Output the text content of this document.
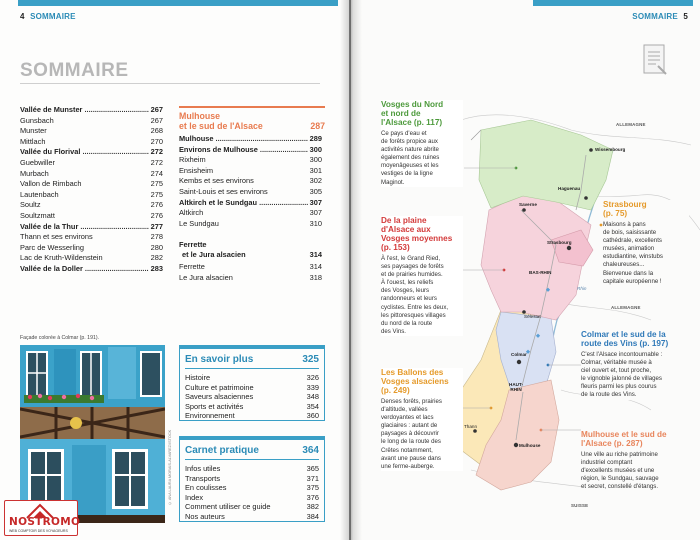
4 SOMMAIRE
SOMMAIRE
Vallée de Munster .....	267
Gunsbach	267
Munster	268
Mittlach	270
Vallée du Florival .....	272
Guebwiller	272
Murbach	274
Vallon de Rimbach	275
Lautenbach	275
Soultz	276
Soultzmatt	276
Vallée de la Thur .....	277
Thann et ses environs	278
Parc de Wesserling	280
Lac de Kruth-Wildenstein	282
Vallée de la Doller .....	283
Mulhouse
et le sud de l'Alsace	287
Mulhouse .....	289
Environs de Mulhouse .....	300
Rixheim	300
Ensisheim	301
Kembs et ses environs	302
Saint-Louis et ses environs	305
Altkirch et le Sundgau .....	307
Altkirch	307
Le Sundgau	310
Ferrette
et le Jura alsacien	314
Ferrette	314
Le Jura alsacien	318
Façade colorée à Colmar (p. 191).
© ANA LAURA MORAIS-ALVAREZ/ISTOCK
En savoir plus	325
Histoire	326
Culture et patrimoine	339
Saveurs alsaciennes	348
Sports et activités	354
Environnement	360
Carnet pratique	364
Infos utiles	365
Transports	371
En coulisses	375
Index	376
Comment utiliser ce guide	382
Nos auteurs	384
NOSTROMO
WEB COMPTOIR DES VOYAGEURS
SOMMAIRE 5
ALLEMAGNE
Wissembourg
Haguenau
Saverne
Strasbourg
BAS-RHIN
Rhin
ALLEMAGNE
Sélestat
Colmar
HAUT-
RHIN
Thann
Mulhouse
SUISSE
Vosges du Nord
et nord de
l'Alsace (p. 117)
Ce pays d'eau et
de forêts propice aux
activités nature abrite
également des ruines
moyenâgeuses et les
vestiges de la ligne
Maginot.
De la plaine
d'Alsace aux
Vosges moyennes
(p. 153)
À l'est, le Grand Ried,
ses paysages de forêts
et de prairies humides.
À l'ouest, les reliefs
des Vosges, leurs
randonneurs et leurs
cyclistes. Entre les deux,
les pittoresques villages
du nord de la route
des Vins.
Les Ballons des
Vosges alsaciens
(p. 249)
Denses forêts, prairies
d'altitude, vallées
verdoyantes et lacs
glaciaires : autant de
paysages à découvrir
le long de la route des
Crêtes notamment,
avant une pause dans
une ferme-auberge.
Strasbourg
(p. 75)
Maisons à pans
de bois, saisissante
cathédrale, excellents
musées, animation
estudiantine, winstubs
chaleureuses...
Bienvenue dans la
capitale européenne !
Colmar et le sud de la
route des Vins (p. 197)
C'est l'Alsace incontournable :
Colmar, véritable musée à
ciel ouvert et, tout proche,
le vignoble jalonné de villages
fleuris parmi les plus courus
de la route des Vins.
Mulhouse et le sud de
l'Alsace (p. 287)
Une ville au riche patrimoine
industriel comptant
d'excellents musées et une
région, le Sundgau, sauvage
et secret, constellé d'étangs.
